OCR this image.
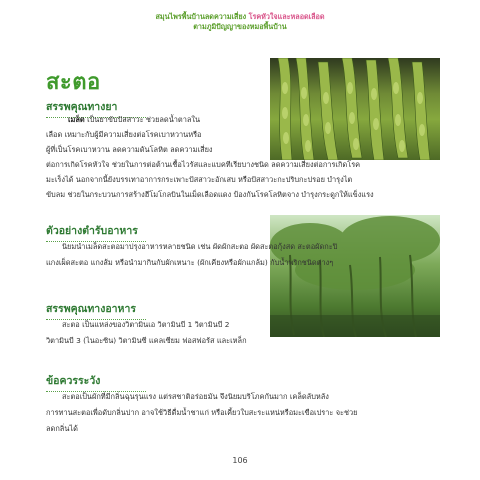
สมุนไพรพื้นบ้านลดความเสี่ยง โรคหัวใจและหลอดเลือด
ตามภูมิปัญญาของหมอพื้นบ้าน
สะตอ
สรรพคุณทางยา
เมล็ด เป็นยาขับปัสสาวะ ช่วยลดน้ำตาลใน
เลือด เหมาะกับผู้มีความเสี่ยงต่อโรคเบาหวานหรือ
ผู้ที่เป็นโรคเบาหวาน ลดความดันโลหิต ลดความเสี่ยง
ต่อการเกิดโรคหัวใจ ช่วยในการต่อต้านเชื้อไวรัสและแบคทีเรียบางชนิด ลดความเสี่ยงต่อการเกิดโรค
มะเร็งได้ นอกจากนี้ยังบรรเทาอาการกระเพาะปัสสาวะอักเสบ หรือปัสสาวะกะปริบกะปรอย บำรุงไต
ขับลม ช่วยในกระบวนการสร้างฮีโมโกลบินในเม็ดเลือดแดง ป้องกันโรคโลหิตจาง บำรุงกระดูกให้แข็งแรง
ตัวอย่างตำรับอาหาร
นิยมนำเมล็ดสะตอมาปรุงอาหารหลายชนิด เช่น ผัดผักสะตอ ผัดสะตอกุ้งสด สะตอผัดกะปิ
แกงเผ็ดสะตอ แกงส้ม หรือนำมากินกับผักเหนาะ (ผักเคียงหรือผักแกล้ม) กับน้ำพริกชนิดต่างๆ
สรรพคุณทางอาหาร
สะตอ เป็นแหล่งของวิตามินเอ วิตามินบี 1 วิตามินบี 2
วิตามินบี 3 (ไนอะซิน) วิตามินซี แคลเซียม ฟอสฟอรัส และเหล็ก
ข้อควรระวัง
สะตอเป็นผักที่มีกลิ่นฉุนรุนแรง แต่รสชาติอร่อยมัน จึงนิยมบริโภคกันมาก เคล็ดลับหลัง
การทานสะตอเพื่อดับกลิ่นปาก อาจใช้วิธีดื่มน้ำชาแก่ หรือเคี้ยวใบสะระแหน่หรือมะเขือเปราะ จะช่วย
ลดกลิ่นได้
106
